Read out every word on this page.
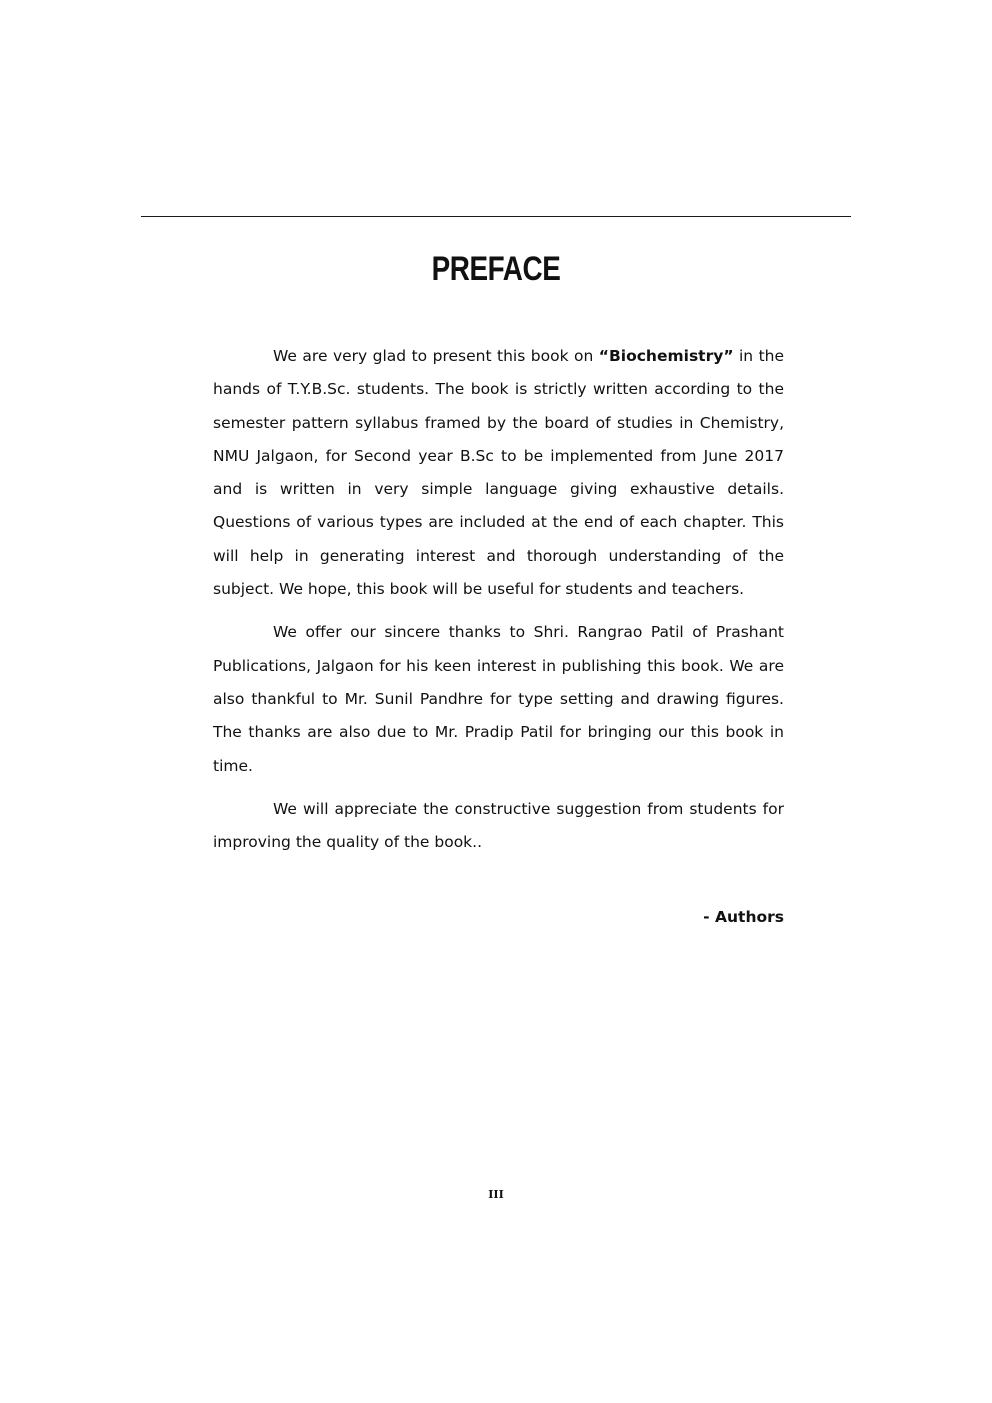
PREFACE

We are very glad to present this book on “Biochemistry” in the hands of T.Y.B.Sc. students. The book is strictly written according to the semester pattern syllabus framed by the board of studies in Chemistry, NMU Jalgaon, for Second year B.Sc to be implemented from June 2017 and is written in very simple language giving exhaustive details. Questions of various types are included at the end of each chapter. This will help in generating interest and thorough understanding of the subject. We hope, this book will be useful for students and teachers.

We offer our sincere thanks to Shri. Rangrao Patil of Prashant Publications, Jalgaon for his keen interest in publishing this book. We are also thankful to Mr. Sunil Pandhre for type setting and drawing figures. The thanks are also due to Mr. Pradip Patil for bringing our this book in time.

We will appreciate the constructive suggestion from students for improving the quality of the book..

- Authors
III
